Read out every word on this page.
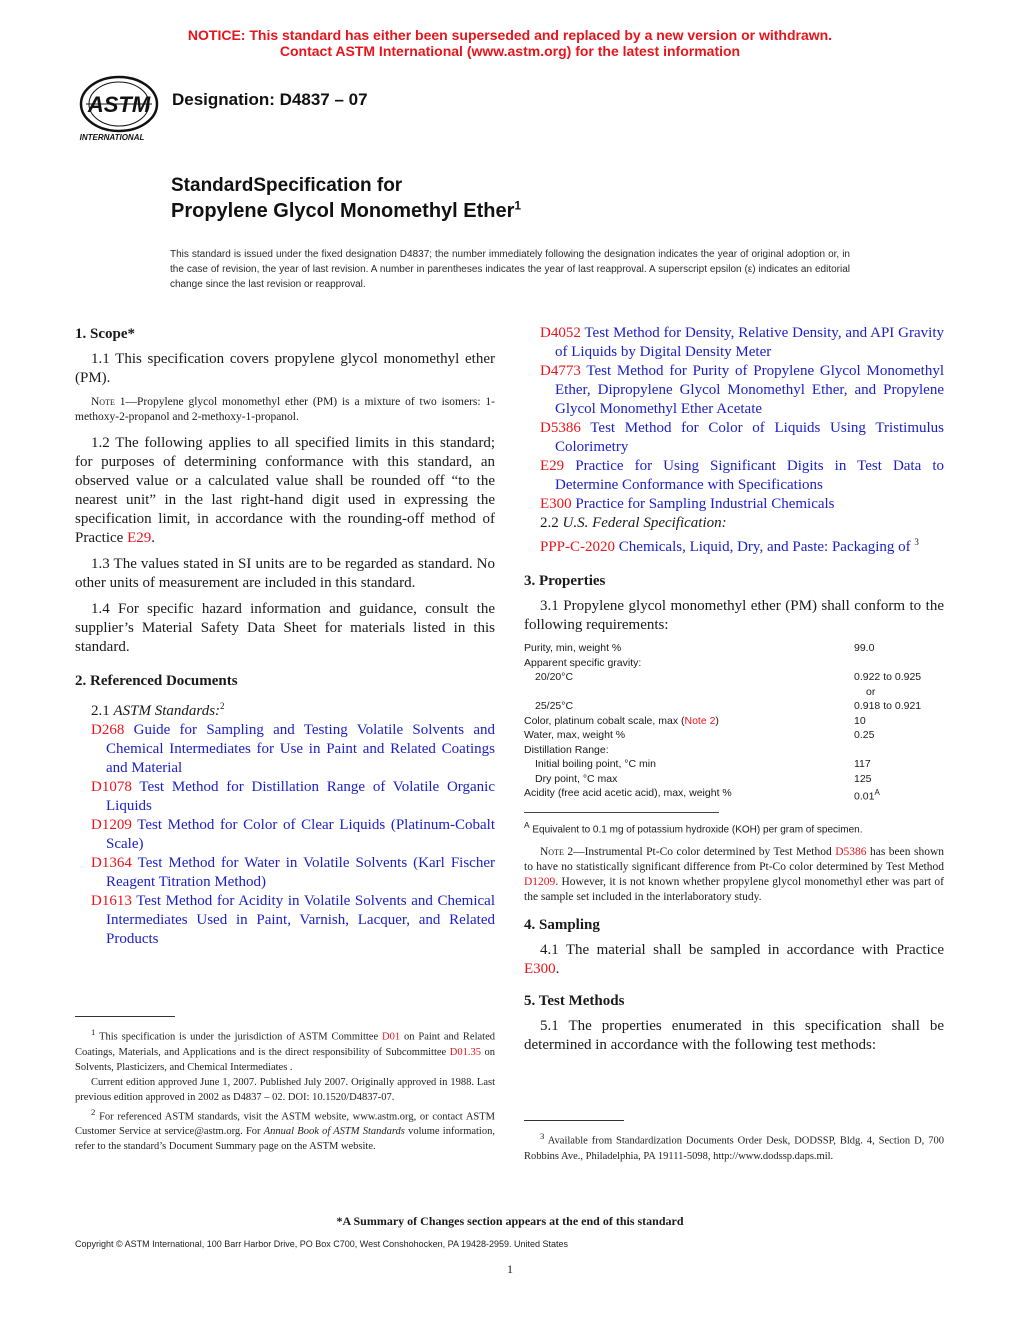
NOTICE: This standard has either been superseded and replaced by a new version or withdrawn.
Contact ASTM International (www.astm.org) for the latest information
ASTM
INTERNATIONAL
Designation: D4837 – 07
StandardSpecification for
Propylene Glycol Monomethyl Ether$^1$
This standard is issued under the fixed designation D4837; the number immediately following the designation indicates the year of original adoption or, in the case of revision, the year of last revision. A number in parentheses indicates the year of last reapproval. A superscript epsilon (ε) indicates an editorial change since the last revision or reapproval.
1. Scope*

1.1 This specification covers propylene glycol monomethyl ether (PM).

Note 1—Propylene glycol monomethyl ether (PM) is a mixture of two isomers: 1-methoxy-2-propanol and 2-methoxy-1-propanol.

1.2 The following applies to all specified limits in this standard; for purposes of determining conformance with this standard, an observed value or a calculated value shall be rounded off “to the nearest unit” in the last right-hand digit used in expressing the specification limit, in accordance with the rounding-off method of Practice E29.

1.3 The values stated in SI units are to be regarded as standard. No other units of measurement are included in this standard.

1.4 For specific hazard information and guidance, consult the supplier’s Material Safety Data Sheet for materials listed in this standard.

2. Referenced Documents
2.1 ASTM Standards:$^2$
D268 Guide for Sampling and Testing Volatile Solvents and Chemical Intermediates for Use in Paint and Related Coatings and Material
D1078 Test Method for Distillation Range of Volatile Organic Liquids
D1209 Test Method for Color of Clear Liquids (Platinum-Cobalt Scale)
D1364 Test Method for Water in Volatile Solvents (Karl Fischer Reagent Titration Method)
D1613 Test Method for Acidity in Volatile Solvents and Chemical Intermediates Used in Paint, Varnish, Lacquer, and Related Products

$^1$ This specification is under the jurisdiction of ASTM Committee D01 on Paint and Related Coatings, Materials, and Applications and is the direct responsibility of Subcommittee D01.35 on Solvents, Plasticizers, and Chemical Intermediates .

Current edition approved June 1, 2007. Published July 2007. Originally approved in 1988. Last previous edition approved in 2002 as D4837 – 02. DOI: 10.1520/D4837-07.

$^2$ For referenced ASTM standards, visit the ASTM website, www.astm.org, or contact ASTM Customer Service at service@astm.org. For Annual Book of ASTM Standards volume information, refer to the standard’s Document Summary page on the ASTM website.

D4052 Test Method for Density, Relative Density, and API Gravity of Liquids by Digital Density Meter
D4773 Test Method for Purity of Propylene Glycol Monomethyl Ether, Dipropylene Glycol Monomethyl Ether, and Propylene Glycol Monomethyl Ether Acetate
D5386 Test Method for Color of Liquids Using Tristimulus Colorimetry
E29 Practice for Using Significant Digits in Test Data to Determine Conformance with Specifications
E300 Practice for Sampling Industrial Chemicals
2.2 U.S. Federal Specification:
PPP-C-2020 Chemicals, Liquid, Dry, and Paste: Packaging of $^3$
3. Properties

3.1 Propylene glycol monomethyl ether (PM) shall conform to the following requirements:

Purity, min, weight %	99.0
Apparent specific gravity:	
20/20°C	0.922 to 0.925
	or
25/25°C	0.918 to 0.921
Color, platinum cobalt scale, max (Note 2)	10
Water, max, weight %	0.25
Distillation Range:	
Initial boiling point, °C min	117
Dry point, °C max	125
Acidity (free acid acetic acid), max, weight %	$0.01^A$

$^A$ Equivalent to 0.1 mg of potassium hydroxide (KOH) per gram of specimen.

Note 2—Instrumental Pt-Co color determined by Test Method D5386 has been shown to have no statistically significant difference from Pt-Co color determined by Test Method D1209. However, it is not known whether propylene glycol monomethyl ether was part of the sample set included in the interlaboratory study.

4. Sampling

4.1 The material shall be sampled in accordance with Practice E300.

5. Test Methods

5.1 The properties enumerated in this specification shall be determined in accordance with the following test methods:

$^3$ Available from Standardization Documents Order Desk, DODSSP, Bldg. 4, Section D, 700 Robbins Ave., Philadelphia, PA 19111-5098, http://www.dodssp.daps.mil.

*A Summary of Changes section appears at the end of this standard
Copyright © ASTM International, 100 Barr Harbor Drive, PO Box C700, West Conshohocken, PA 19428-2959. United States
1
